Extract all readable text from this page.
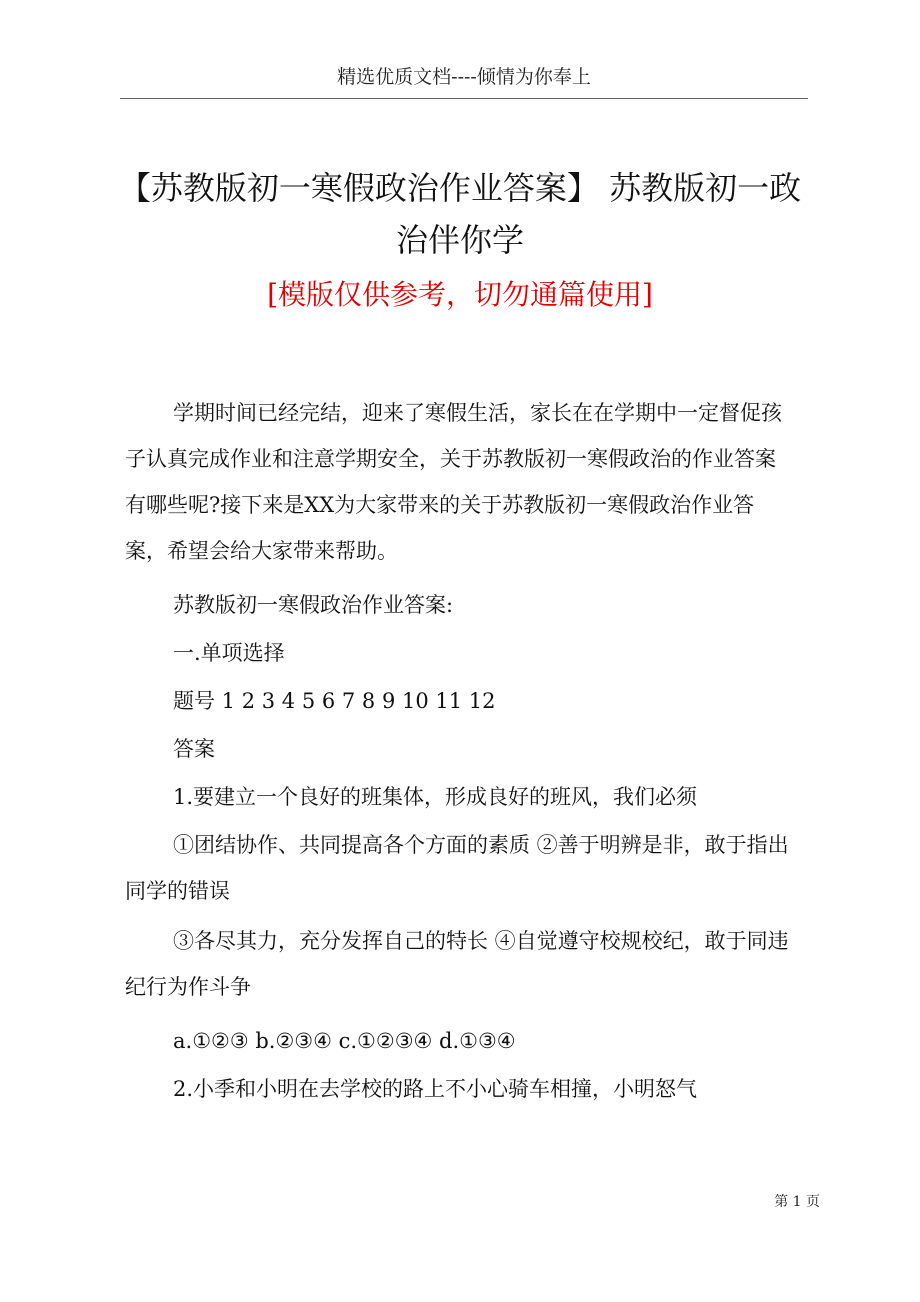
精选优质文档----倾情为你奉上
【苏教版初一寒假政治作业答案】 苏教版初一政治伴你学
[模版仅供参考，切勿通篇使用]

学期时间已经完结，迎来了寒假生活，家长在在学期中一定督促孩子认真完成作业和注意学期安全，关于苏教版初一寒假政治的作业答案有哪些呢?接下来是XX为大家带来的关于苏教版初一寒假政治作业答案，希望会给大家带来帮助。

苏教版初一寒假政治作业答案:

一.单项选择

题号 1 2 3 4 5 6 7 8 9 10 11 12

答案

1.要建立一个良好的班集体，形成良好的班风，我们必须

①团结协作、共同提高各个方面的素质 ②善于明辨是非，敢于指出同学的错误

③各尽其力，充分发挥自己的特长 ④自觉遵守校规校纪，敢于同违纪行为作斗争

a.①②③ b.②③④ c.①②③④ d.①③④

2.小季和小明在去学校的路上不小心骑车相撞，小明怒气

第 1 页
